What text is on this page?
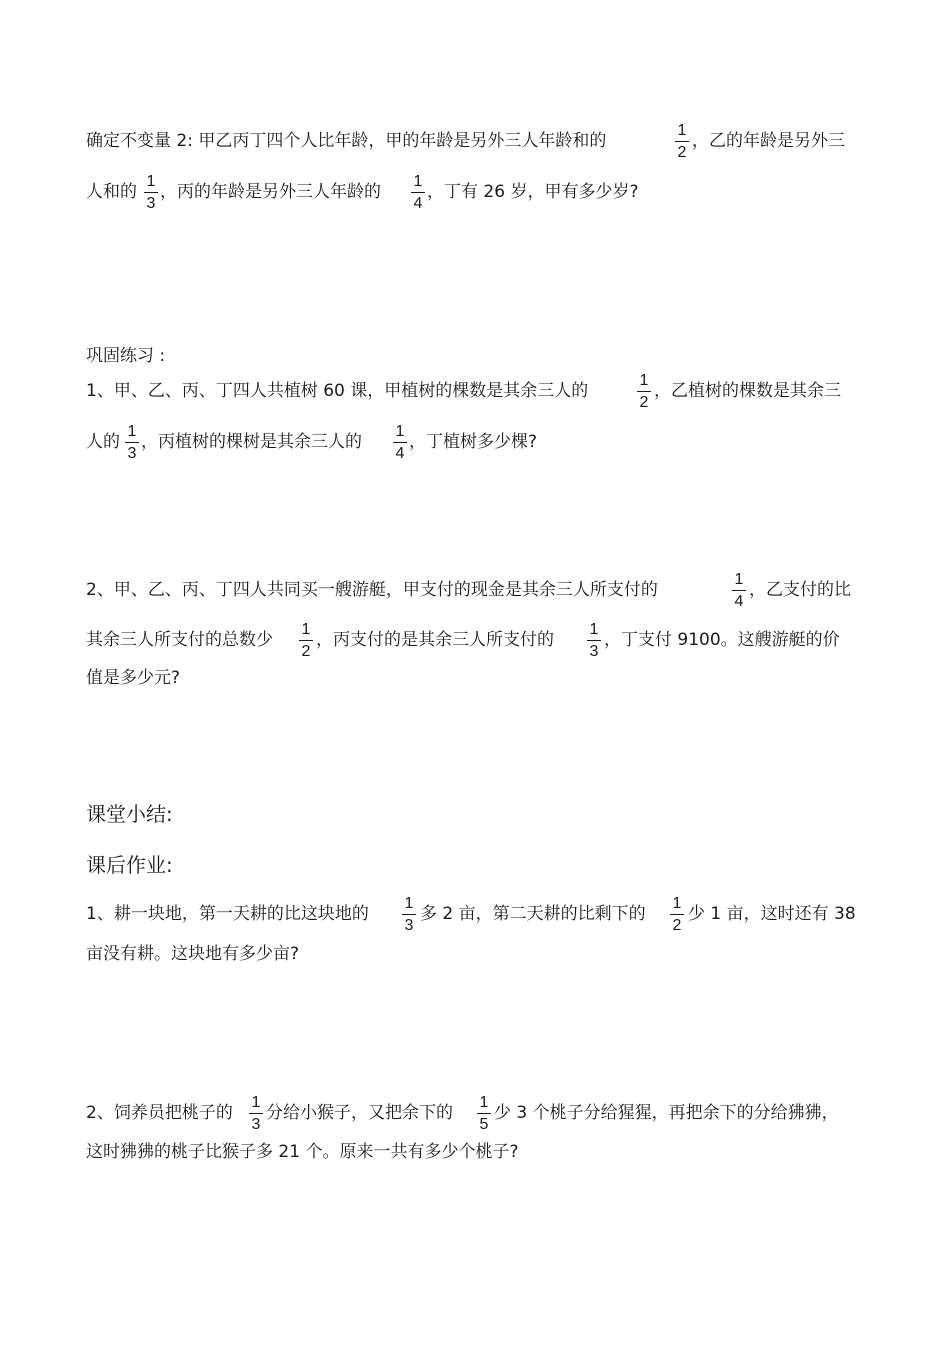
确定不变量 2: 甲乙丙丁四个人比年龄，甲的年龄是另外三人年龄和的
1
2
，乙的年龄是另外三
人和的
1
3
，丙的年龄是另外三人年龄的
1
4
，丁有 26 岁，甲有多少岁?
巩固练习 :
1、甲、乙、丙、丁四人共植树 60 课，甲植树的棵数是其余三人的
1
2
，乙植树的棵数是其余三
人的
1
3
，丙植树的棵树是其余三人的
1
4
，丁植树多少棵?
2、甲、乙、丙、丁四人共同买一艘游艇，甲支付的现金是其余三人所支付的
1
4
，乙支付的比
其余三人所支付的总数少
1
2
，丙支付的是其余三人所支付的
1
3
，丁支付 9100。这艘游艇的价
值是多少元?
课堂小结:
课后作业:
1、耕一块地，第一天耕的比这块地的
1
3
多 2 亩，第二天耕的比剩下的
1
2
少 1 亩，这时还有 38
亩没有耕。这块地有多少亩?
2、饲养员把桃子的
1
3
分给小猴子，又把余下的
1
5
少 3 个桃子分给猩猩，再把余下的分给狒狒，
这时狒狒的桃子比猴子多 21 个。原来一共有多少个桃子?
